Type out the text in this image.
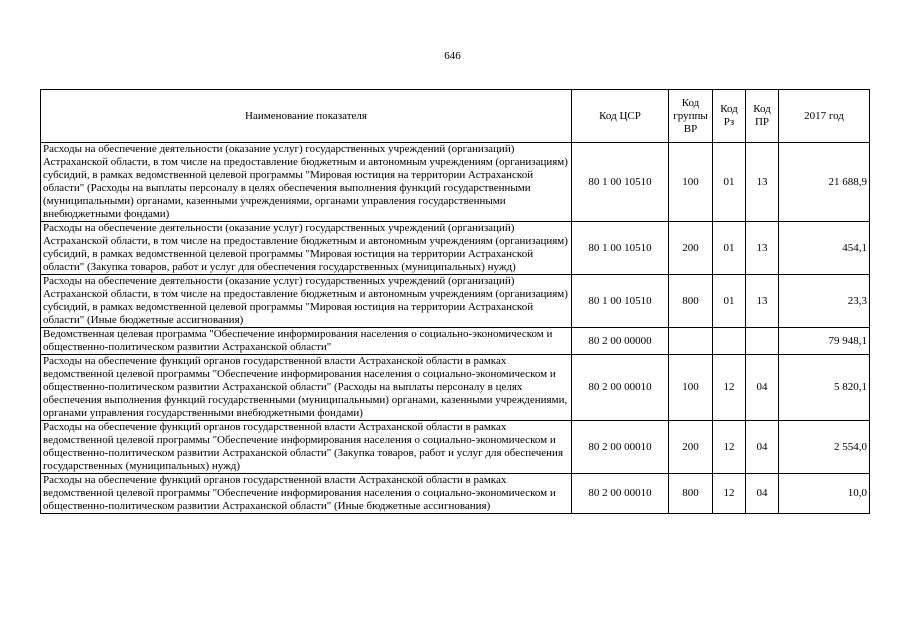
646
Наименование показателя	Код ЦСР	Код группы ВР	Код Рз	Код ПР	2017 год
Расходы на обеспечение деятельности (оказание услуг) государственных учреждений (организаций) Астраханской области, в том числе на предоставление бюджетным и автономным учреждениям (организациям) субсидий, в рамках ведомственной целевой программы "Мировая юстиция на территории Астраханской области" (Расходы на выплаты персоналу в целях обеспечения выполнения функций государственными (муниципальными) органами, казенными учреждениями, органами управления государственными внебюджетными фондами)	80 1 00 10510	100	01	13	21 688,9
Расходы на обеспечение деятельности (оказание услуг) государственных учреждений (организаций) Астраханской области, в том числе на предоставление бюджетным и автономным учреждениям (организациям) субсидий, в рамках ведомственной целевой программы "Мировая юстиция на территории Астраханской области" (Закупка товаров, работ и услуг для обеспечения государственных (муниципальных) нужд)	80 1 00 10510	200	01	13	454,1
Расходы на обеспечение деятельности (оказание услуг) государственных учреждений (организаций) Астраханской области, в том числе на предоставление бюджетным и автономным учреждениям (организациям) субсидий, в рамках ведомственной целевой программы "Мировая юстиция на территории Астраханской области" (Иные бюджетные ассигнования)	80 1 00 10510	800	01	13	23,3
Ведомственная целевая программа "Обеспечение информирования населения о социально-экономическом и общественно-политическом развитии Астраханской области"	80 2 00 00000				79 948,1
Расходы на обеспечение функций органов государственной власти Астраханской области в рамках ведомственной целевой программы "Обеспечение информирования населения о социально-экономическом и общественно-политическом развитии Астраханской области" (Расходы на выплаты персоналу в целях обеспечения выполнения функций государственными (муниципальными) органами, казенными учреждениями, органами управления государственными внебюджетными фондами)	80 2 00 00010	100	12	04	5 820,1
Расходы на обеспечение функций органов государственной власти Астраханской области в рамках ведомственной целевой программы "Обеспечение информирования населения о социально-экономическом и общественно-политическом развитии Астраханской области" (Закупка товаров, работ и услуг для обеспечения государственных (муниципальных) нужд)	80 2 00 00010	200	12	04	2 554,0
Расходы на обеспечение функций органов государственной власти Астраханской области в рамках ведомственной целевой программы "Обеспечение информирования населения о социально-экономическом и общественно-политическом развитии Астраханской области" (Иные бюджетные ассигнования)	80 2 00 00010	800	12	04	10,0
